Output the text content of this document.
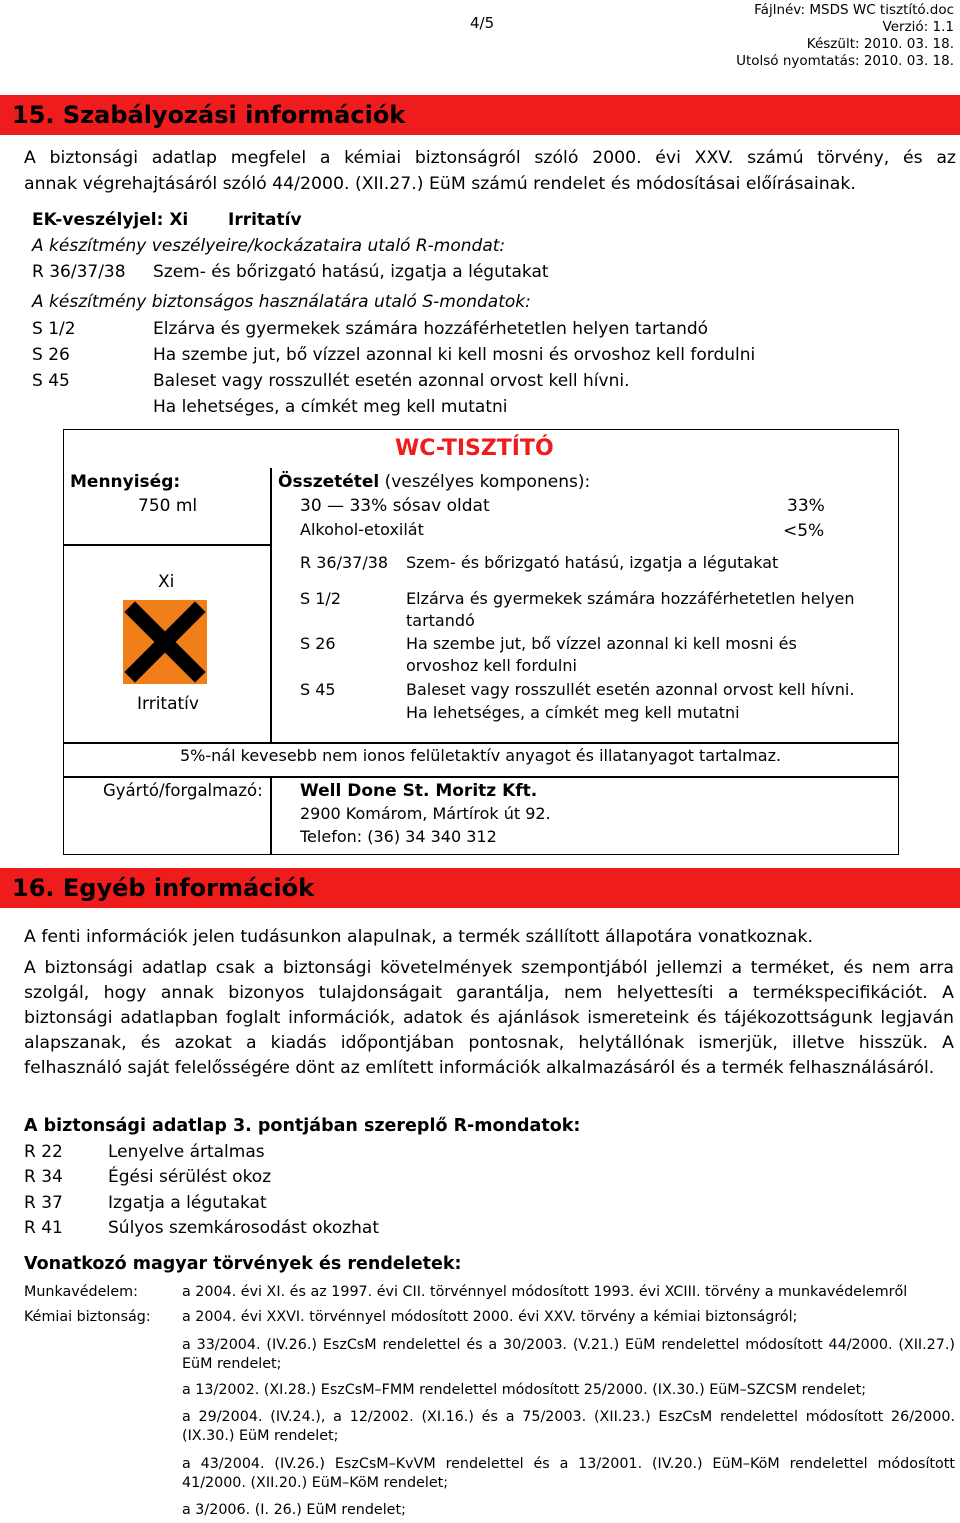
4/5
Fájlnév: MSDS WC tisztító.doc
Verzió: 1.1
Készült: 2010. 03. 18.
Utolsó nyomtatás: 2010. 03. 18.
15. Szabályozási információk
A biztonsági adatlap megfelel a kémiai biztonságról szóló 2000. évi XXV. számú törvény, és az
annak végrehajtásáról szóló 44/2000. (XII.27.) EüM számú rendelet és módosításai előírásainak.
EK-veszélyjel: Xi Irritatív
A készítmény veszélyeire/kockázataira utaló R-mondat:
R 36/37/38 Szem- és bőrizgató hatású, izgatja a légutakat
A készítmény biztonságos használatára utaló S-mondatok:
S 1/2	Elzárva és gyermekek számára hozzáférhetetlen helyen tartandó
S 26	Ha szembe jut, bő vízzel azonnal ki kell mosni és orvoshoz kell fordulni
S 45	Baleset vagy rosszullét esetén azonnal orvost kell hívni.
Ha lehetséges, a címkét meg kell mutatni
WC-TISZTÍTÓ
Mennyiség:
750 ml
Összetétel (veszélyes komponens):
30 — 33% sósav oldat	33%
Alkohol-etoxilát	<5%
Xi
Irritatív
R 36/37/38 Szem- és bőrizgató hatású, izgatja a légutakat
S 1/2	Elzárva és gyermekek számára hozzáférhetetlen helyen
tartandó
S 26	Ha szembe jut, bő vízzel azonnal ki kell mosni és
orvoshoz kell fordulni
S 45	Baleset vagy rosszullét esetén azonnal orvost kell hívni.
Ha lehetséges, a címkét meg kell mutatni
5%-nál kevesebb nem ionos felületaktív anyagot és illatanyagot tartalmaz.
Gyártó/forgalmazó: Well Done St. Moritz Kft.
2900 Komárom, Mártírok út 92.
Telefon: (36) 34 340 312
16. Egyéb információk
A fenti információk jelen tudásunkon alapulnak, a termék szállított állapotára vonatkoznak.
A biztonsági adatlap csak a biztonsági követelmények szempontjából jellemzi a terméket, és nem arra szolgál, hogy annak bizonyos tulajdonságait garantálja, nem helyettesíti a termékspecifikációt. A biztonsági adatlapban foglalt információk, adatok és ajánlások ismereteink és tájékozottságunk legjaván alapszanak, és azokat a kiadás időpontjában pontosnak, helytállónak ismerjük, illetve hisszük. A felhasználó saját felelősségére dönt az említett információk alkalmazásáról és a termék felhasználásáról.
A biztonsági adatlap 3. pontjában szereplő R-mondatok:
R 22	Lenyelve ártalmas
R 34	Égési sérülést okoz
R 37	Izgatja a légutakat
R 41	Súlyos szemkárosodást okozhat
Vonatkozó magyar törvények és rendeletek:
Munkavédelem:	a 2004. évi XI. és az 1997. évi CII. törvénnyel módosított 1993. évi XCIII. törvény a munkavédelemről
Kémiai biztonság: a 2004. évi XXVI. törvénnyel módosított 2000. évi XXV. törvény a kémiai biztonságról;
a 33/2004. (IV.26.) EszCsM rendelettel és a 30/2003. (V.21.) EüM rendelettel módosított 44/2000. (XII.27.) EüM rendelet;
a 13/2002. (XI.28.) EszCsM–FMM rendelettel módosított 25/2000. (IX.30.) EüM–SZCSM rendelet;
a 29/2004. (IV.24.), a 12/2002. (XI.16.) és a 75/2003. (XII.23.) EszCsM rendelettel módosított 26/2000. (IX.30.) EüM rendelet;
a 43/2004. (IV.26.) EszCsM–KvVM rendelettel és a 13/2001. (IV.20.) EüM–KöM rendelettel módosított 41/2000. (XII.20.) EüM–KöM rendelet;
a 3/2006. (I. 26.) EüM rendelet;
